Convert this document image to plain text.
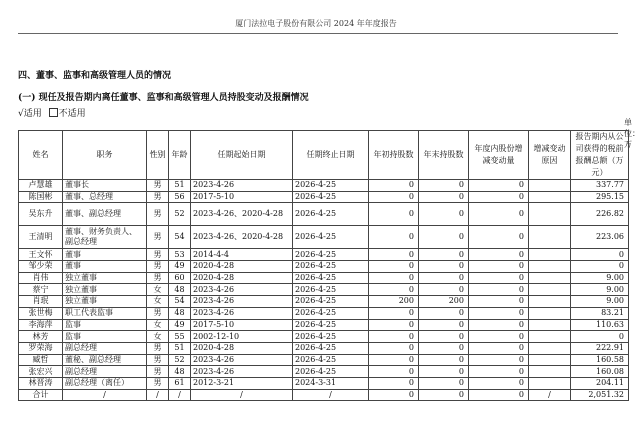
厦门法拉电子股份有限公司 2024 年年度报告
四、董事、监事和高级管理人员的情况
(一) 现任及报告期内离任董事、监事和高级管理人员持股变动及报酬情况
√适用 不适用
单位：万
姓名	职务	性别	年龄	任期起始日期	任期终止日期	年初持股数	年末持股数	年度内股份增减变动量	增减变动原因	报告期内从公司获得的税前报酬总额（万元）
卢慧雄	董事长	男	51	2023-4-26	2026-4-25	0	0	0		337.77
陈国彬	董事、总经理	男	56	2017-5-10	2026-4-25	0	0	0		295.15
吴东升	董事、副总经理	男	52	2023-4-26、2020-4-28	2026-4-25	0	0	0		226.82
王清明	董事、财务负责人、副总经理	男	54	2023-4-26、2020-4-28	2026-4-25	0	0	0		223.06
王文怀	董事	男	53	2014-4-4	2026-4-25	0	0	0		0
邹少荣	董事	男	49	2020-4-28	2026-4-25	0	0	0		0
肖伟	独立董事	男	60	2020-4-28	2026-4-25	0	0	0		9.00
蔡宁	独立董事	女	48	2023-4-26	2026-4-25	0	0	0		9.00
肖珉	独立董事	女	54	2023-4-26	2026-4-25	200	200	0		9.00
张世梅	职工代表监事	男	48	2023-4-26	2026-4-25	0	0	0		83.21
李海萍	监事	女	49	2017-5-10	2026-4-25	0	0	0		110.63
林芳	监事	女	55	2002-12-10	2026-4-25	0	0	0		0
罗荣海	副总经理	男	51	2020-4-28	2026-4-25	0	0	0		222.91
臧哲	董秘、副总经理	男	52	2023-4-26	2026-4-25	0	0	0		160.58
张宏兴	副总经理	男	48	2023-4-26	2026-4-25	0	0	0		160.08
林晋涛	副总经理（离任）	男	61	2012-3-21	2024-3-31	0	0	0		204.11
合计	/	/	/	/	/	0	0	0	/	2,051.32
